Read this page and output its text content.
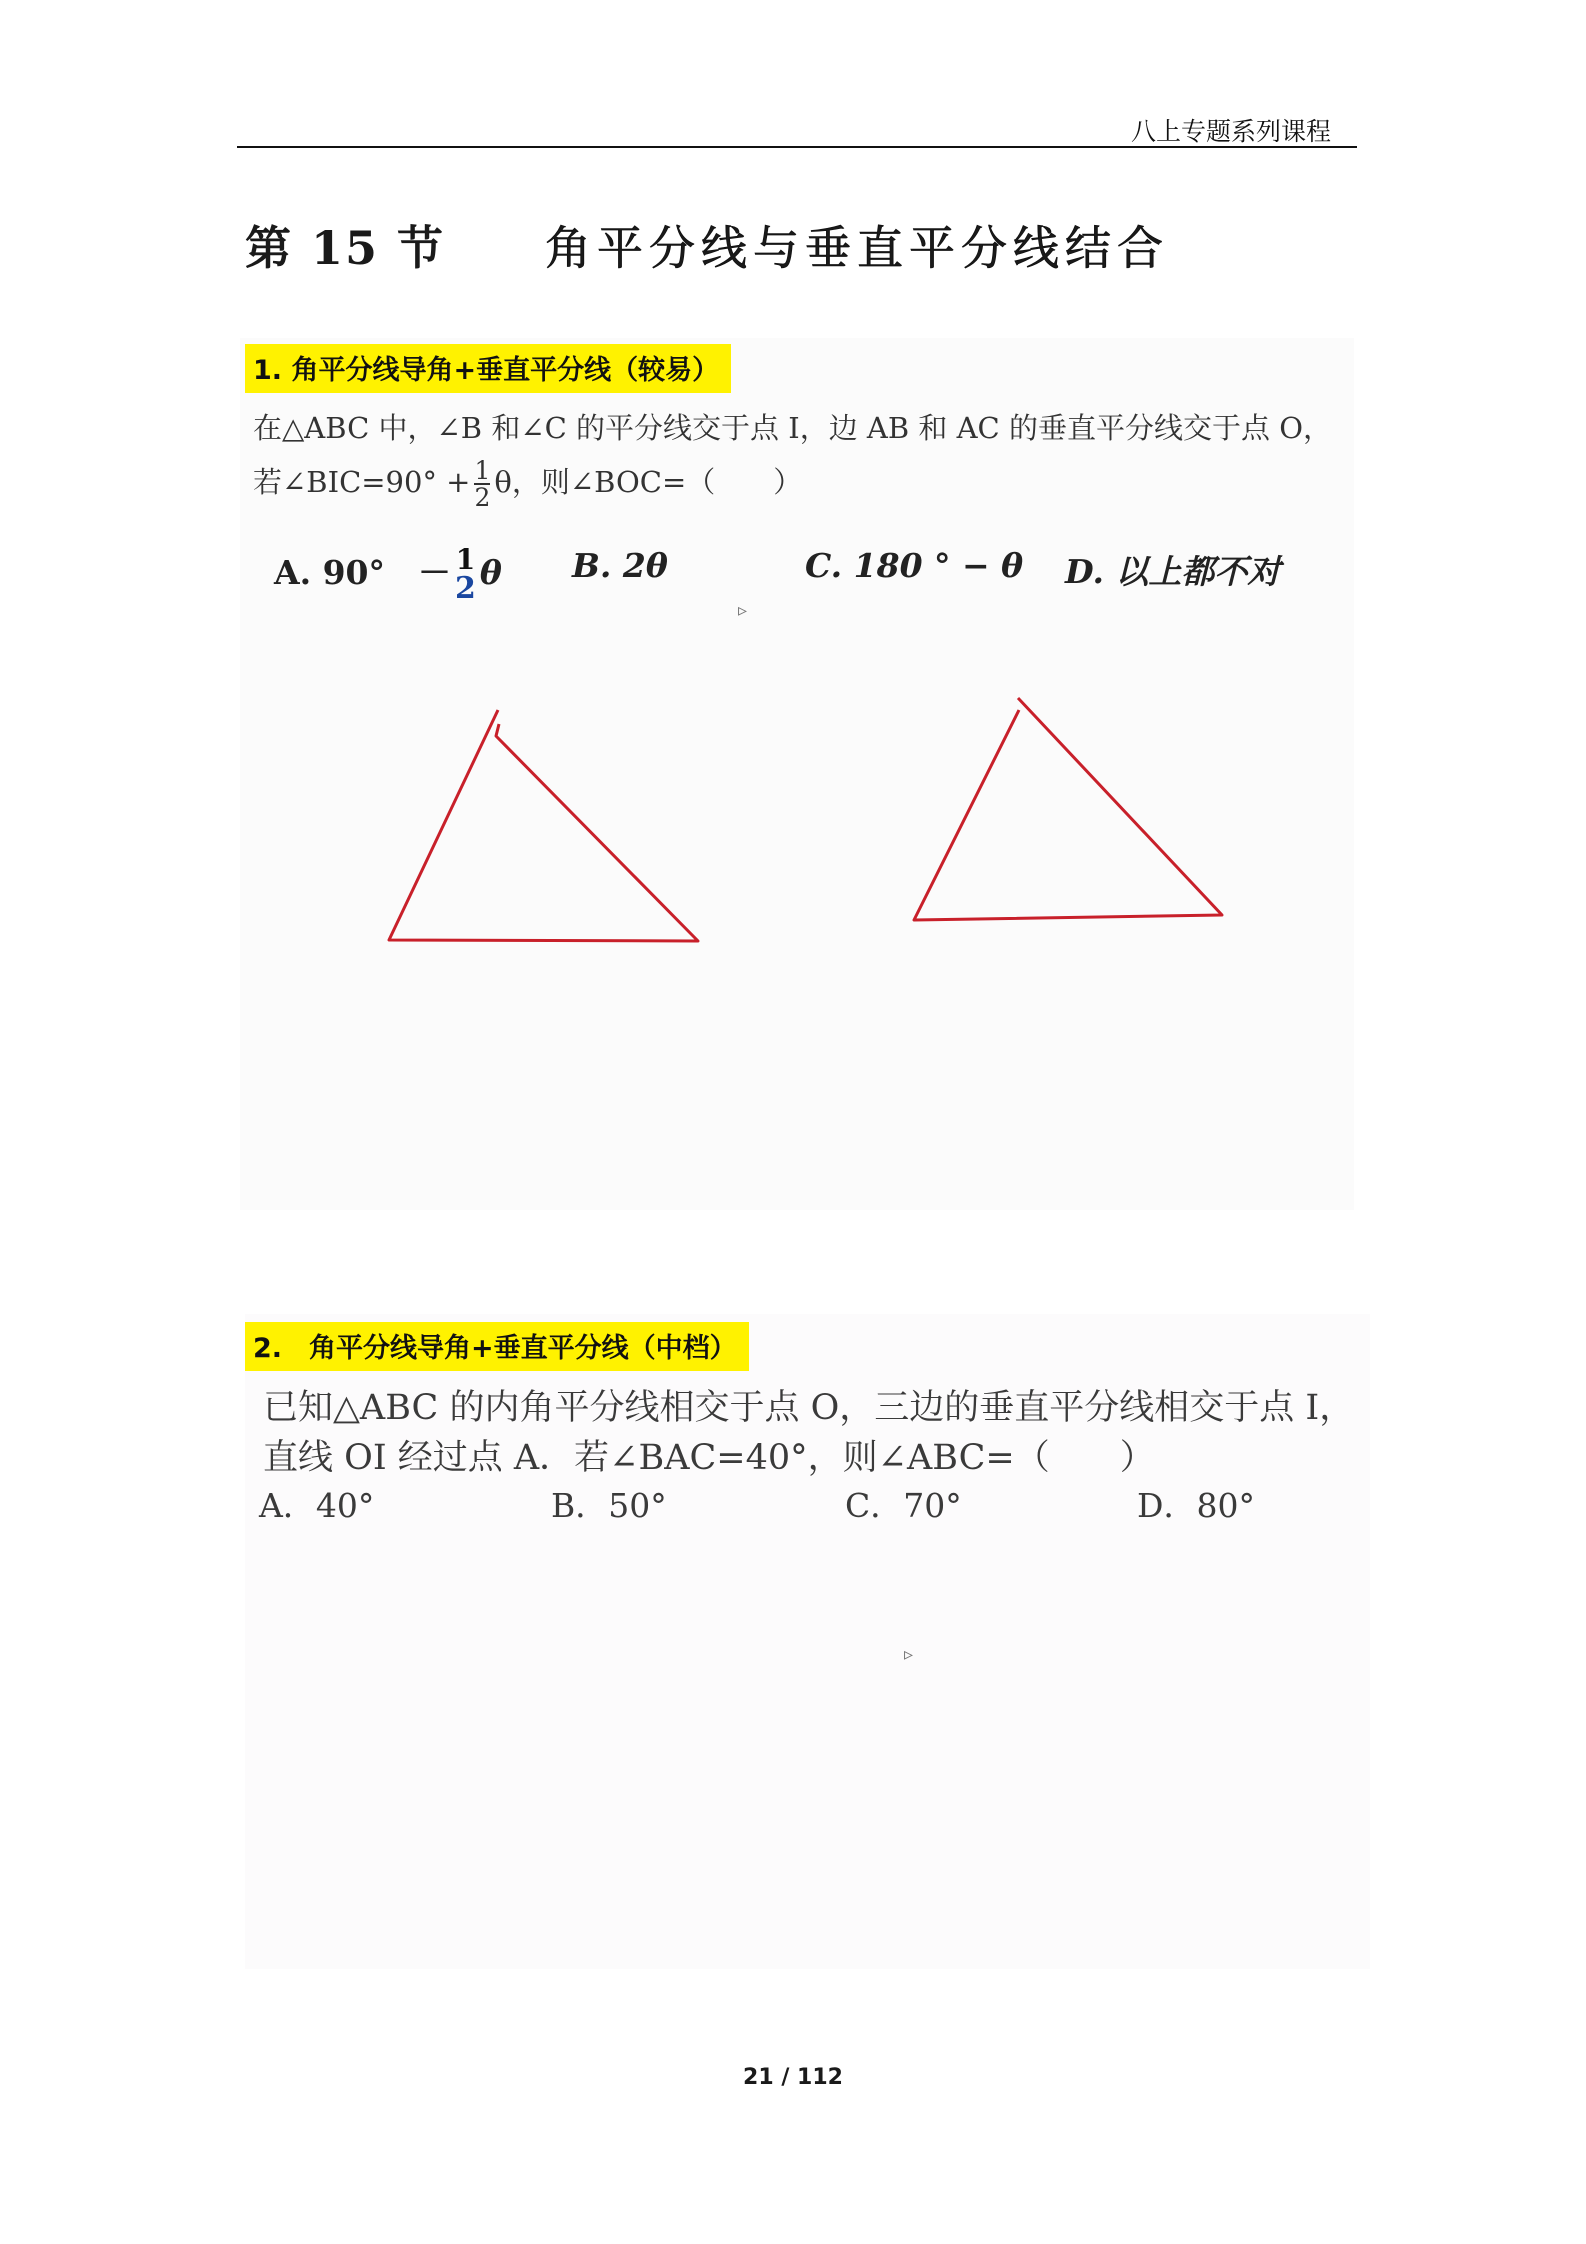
八上专题系列课程
第 15 节 角平分线与垂直平分线结合
1. 角平分线导角+垂直平分线（较易）
在△ABC 中，∠B 和∠C 的平分线交于点 I，边 AB 和 AC 的垂直平分线交于点 O，
若∠BIC=90° + $\frac{1}{2}$ θ，则∠BOC=（　　）
A. 90°　－ 1
2 θ B. 2θ	C. 180 ° − θ D. 以上都不对
▹
2.　角平分线导角+垂直平分线（中档）
已知△ABC 的内角平分线相交于点 O，三边的垂直平分线相交于点 I，
直线 OI 经过点 A．若∠BAC=40°，则∠ABC=（　　）
A．40°	B．50°	C．70°	D．80°
▹
21 / 112
